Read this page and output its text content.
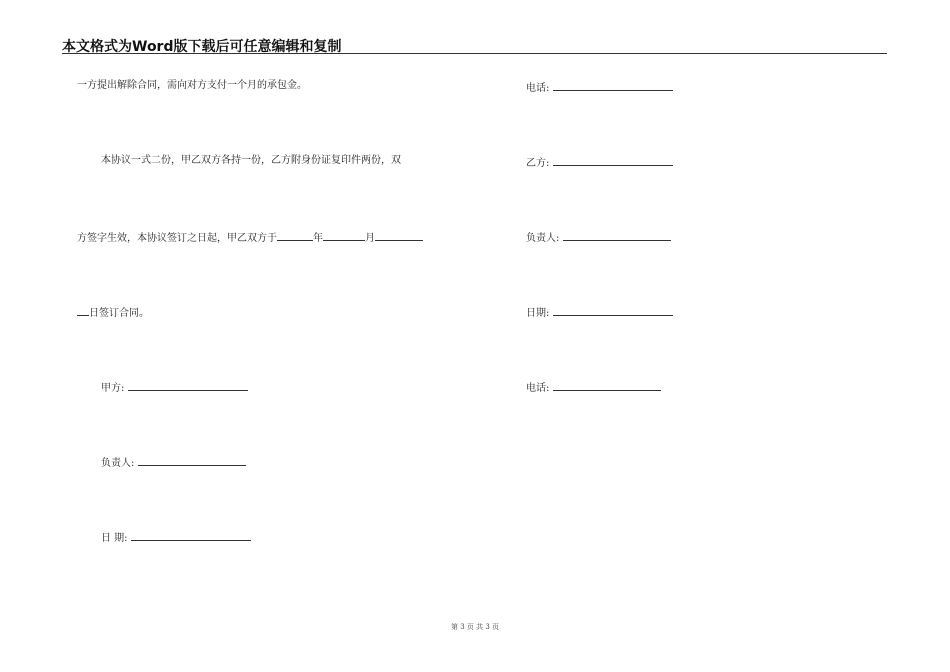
本文格式为Word版下载后可任意编辑和复制
一方提出解除合同，需向对方支付一个月的承包金。
本协议一式二份，甲乙双方各持一份，乙方附身份证复印件两份，双
方签字生效，本协议签订之日起，甲乙双方于	年	月
日签订合同。
甲方:
负责人:
日 期:
电话:
乙方:
负责人:
日期:
电话:
第 3 页 共 3 页
